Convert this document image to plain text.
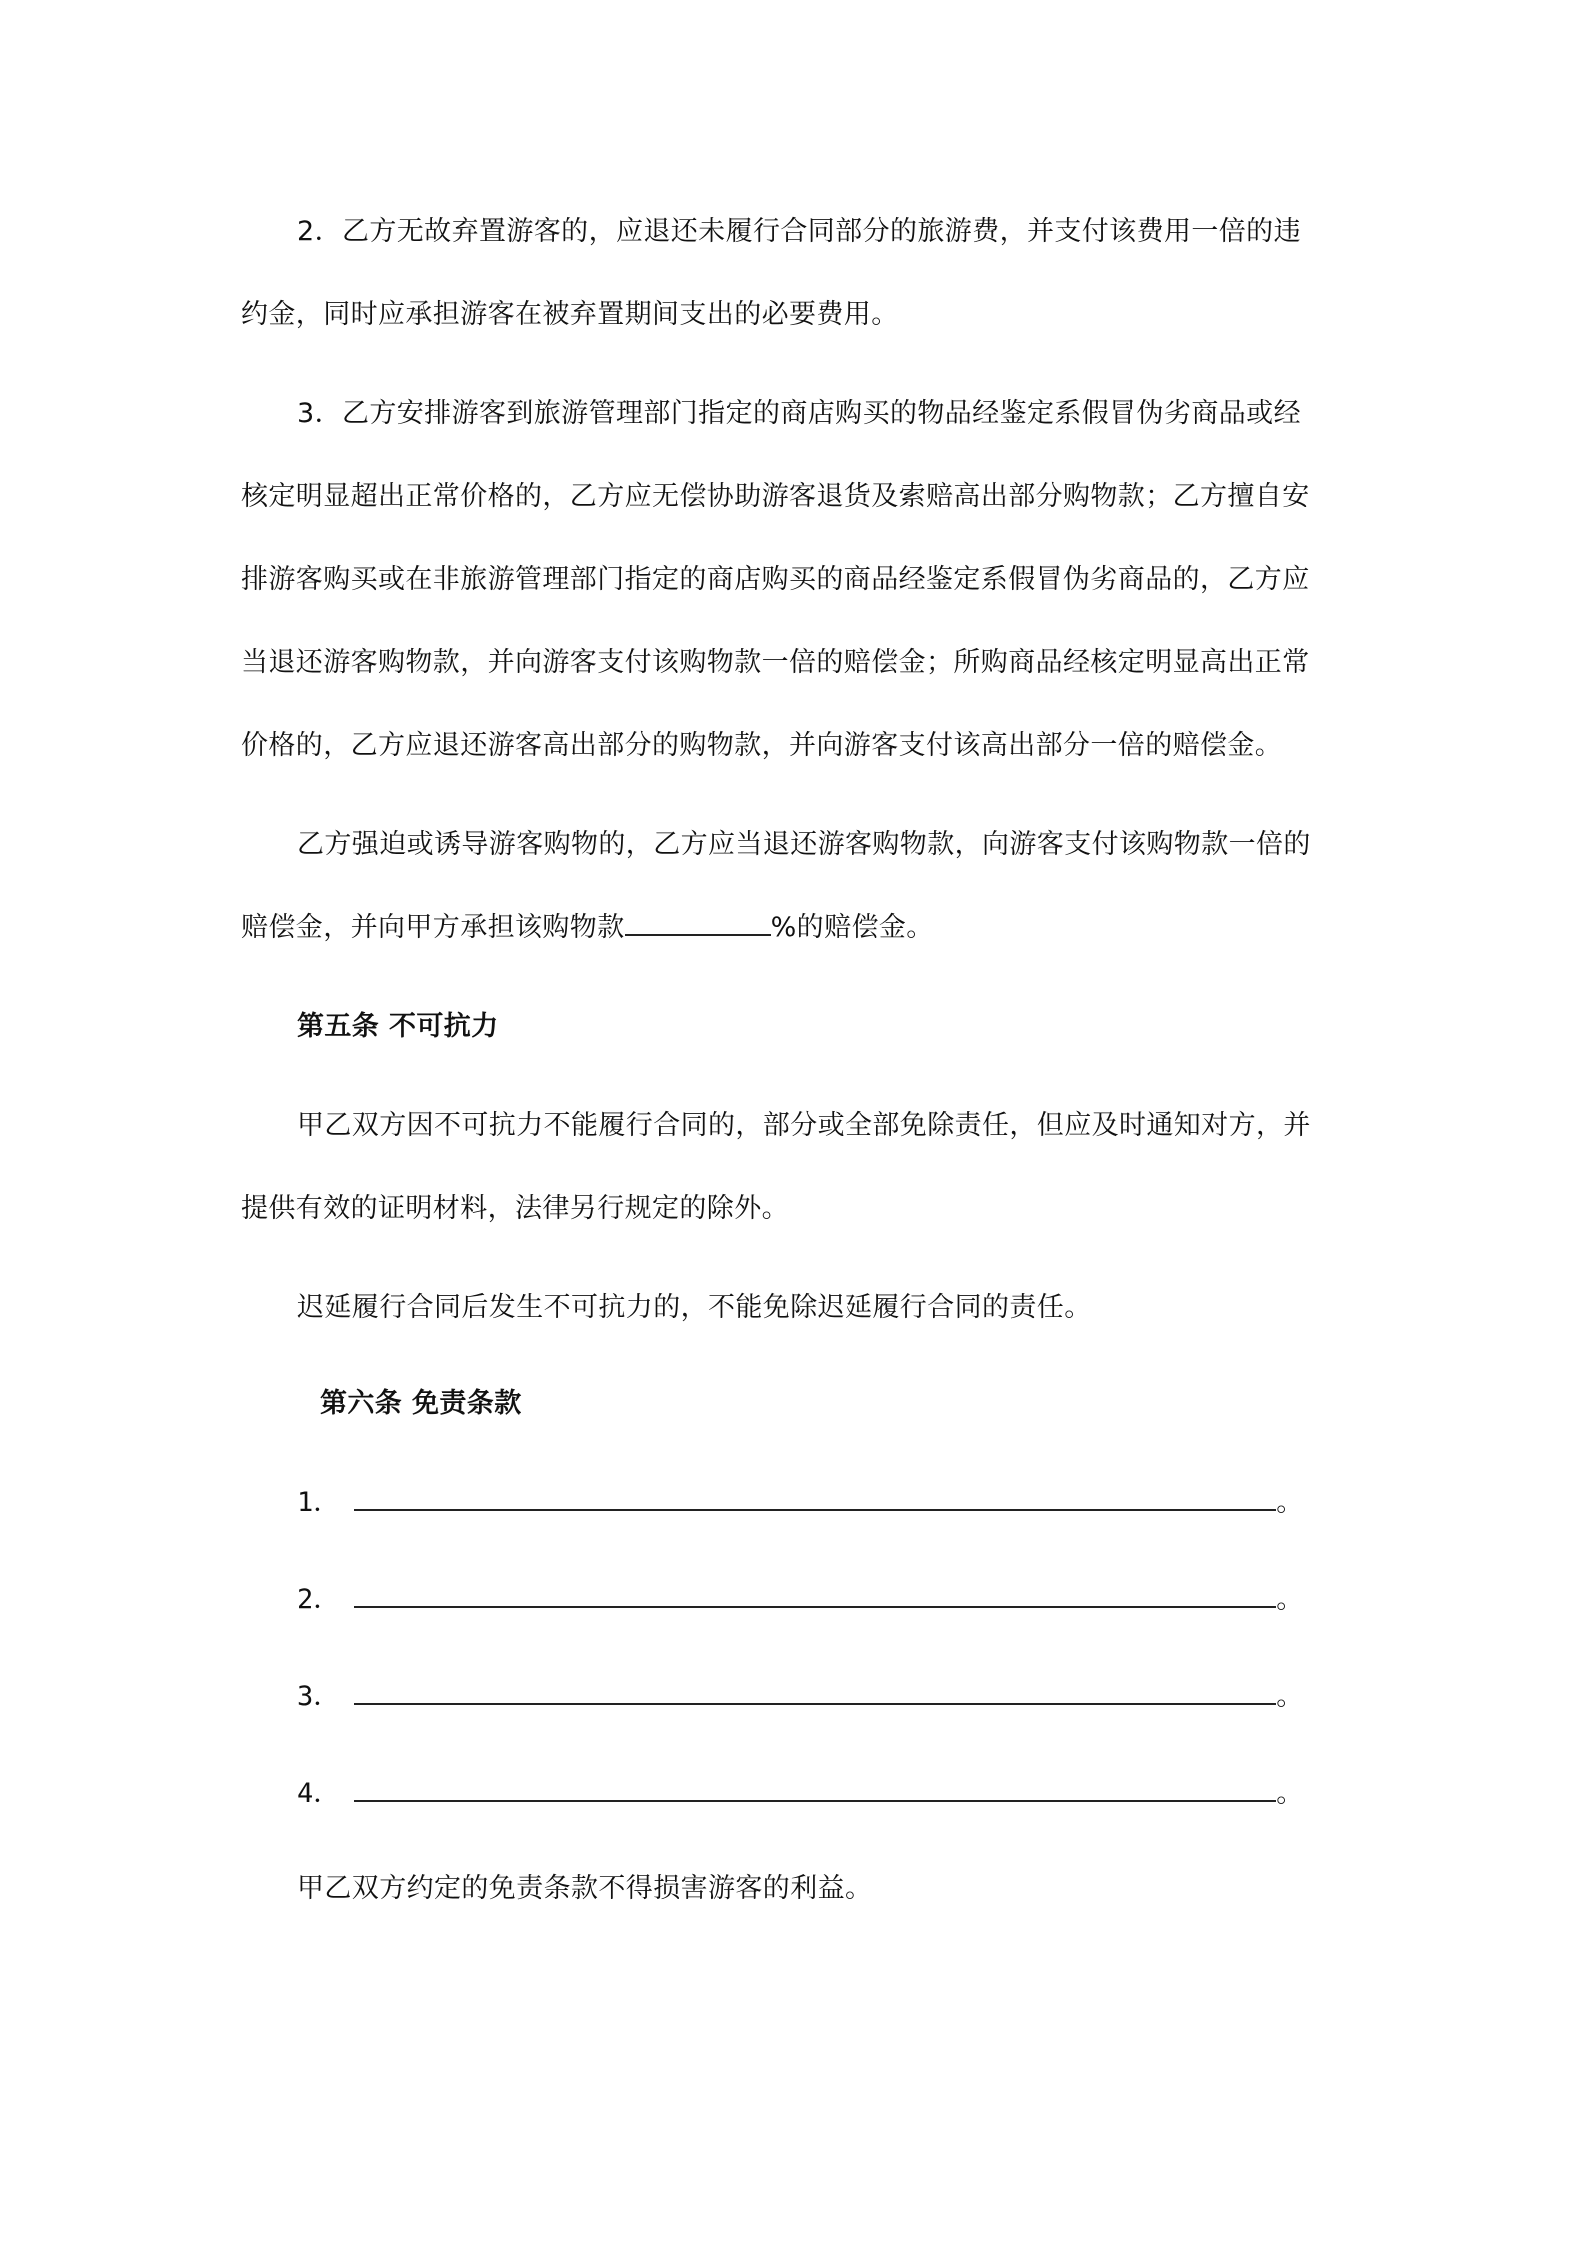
2．乙方无故弃置游客的，应退还未履行合同部分的旅游费，并支付该费用一倍的违
约金，同时应承担游客在被弃置期间支出的必要费用。
3．乙方安排游客到旅游管理部门指定的商店购买的物品经鉴定系假冒伪劣商品或经
核定明显超出正常价格的，乙方应无偿协助游客退货及索赔高出部分购物款；乙方擅自安
排游客购买或在非旅游管理部门指定的商店购买的商品经鉴定系假冒伪劣商品的，乙方应
当退还游客购物款，并向游客支付该购物款一倍的赔偿金；所购商品经核定明显高出正常
价格的，乙方应退还游客高出部分的购物款，并向游客支付该高出部分一倍的赔偿金。
乙方强迫或诱导游客购物的，乙方应当退还游客购物款，向游客支付该购物款一倍的
赔偿金，并向甲方承担该购物款	%的赔偿金。
第五条 不可抗力
甲乙双方因不可抗力不能履行合同的，部分或全部免除责任，但应及时通知对方，并
提供有效的证明材料，法律另行规定的除外。
迟延履行合同后发生不可抗力的，不能免除迟延履行合同的责任。
第六条 免责条款
1．	。
2．	。
3．	。
4．	。
甲乙双方约定的免责条款不得损害游客的利益。
